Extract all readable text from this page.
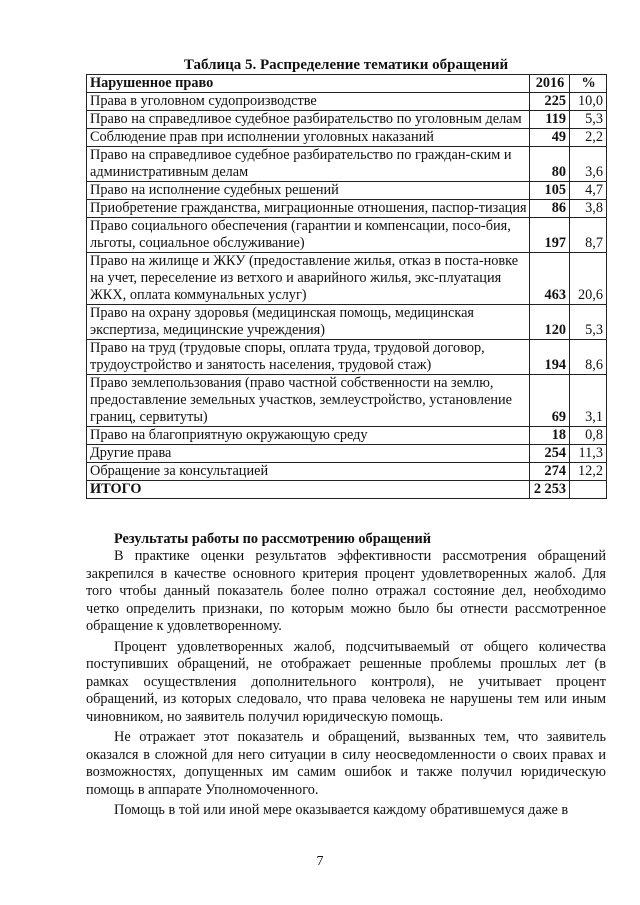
Таблица 5. Распределение тематики обращений
Нарушенное право	2016	%
Права в уголовном судопроизводстве	225	10,0
Право на справедливое судебное разбирательство по уголовным делам	119	5,3
Соблюдение прав при исполнении уголовных наказаний	49	2,2
Право на справедливое судебное разбирательство по граждан-ским и административным делам	80	3,6
Право на исполнение судебных решений	105	4,7
Приобретение гражданства, миграционные отношения, паспор-тизация	86	3,8
Право социального обеспечения (гарантии и компенсации, посо-бия, льготы, социальное обслуживание)	197	8,7
Право на жилище и ЖКУ (предоставление жилья, отказ в поста-новке на учет, переселение из ветхого и аварийного жилья, экс-плуатация ЖКХ, оплата коммунальных услуг)	463	20,6
Право на охрану здоровья (медицинская помощь, медицинская экспертиза, медицинские учреждения)	120	5,3
Право на труд (трудовые споры, оплата труда, трудовой договор, трудоустройство и занятость населения, трудовой стаж)	194	8,6
Право землепользования (право частной собственности на землю, предоставление земельных участков, землеустройство, установление границ, сервитуты)	69	3,1
Право на благоприятную окружающую среду	18	0,8
Другие права	254	11,3
Обращение за консультацией	274	12,2
ИТОГО	2 253	
Результаты работы по рассмотрению обращений

В практике оценки результатов эффективности рассмотрения обращений закрепился в качестве основного критерия процент удовлетворенных жалоб. Для того чтобы данный показатель более полно отражал состояние дел, необходимо четко определить признаки, по которым можно было бы отнести рассмотренное обращение к удовлетворенному.

Процент удовлетворенных жалоб, подсчитываемый от общего количества поступивших обращений, не отображает решенные проблемы прошлых лет (в рамках осуществления дополнительного контроля), не учитывает процент обращений, из которых следовало, что права человека не нарушены тем или иным чиновником, но заявитель получил юридическую помощь.

Не отражает этот показатель и обращений, вызванных тем, что заявитель оказался в сложной для него ситуации в силу неосведомленности о своих правах и возможностях, допущенных им самим ошибок и также получил юридическую помощь в аппарате Уполномоченного.

Помощь в той или иной мере оказывается каждому обратившемуся даже в

7
